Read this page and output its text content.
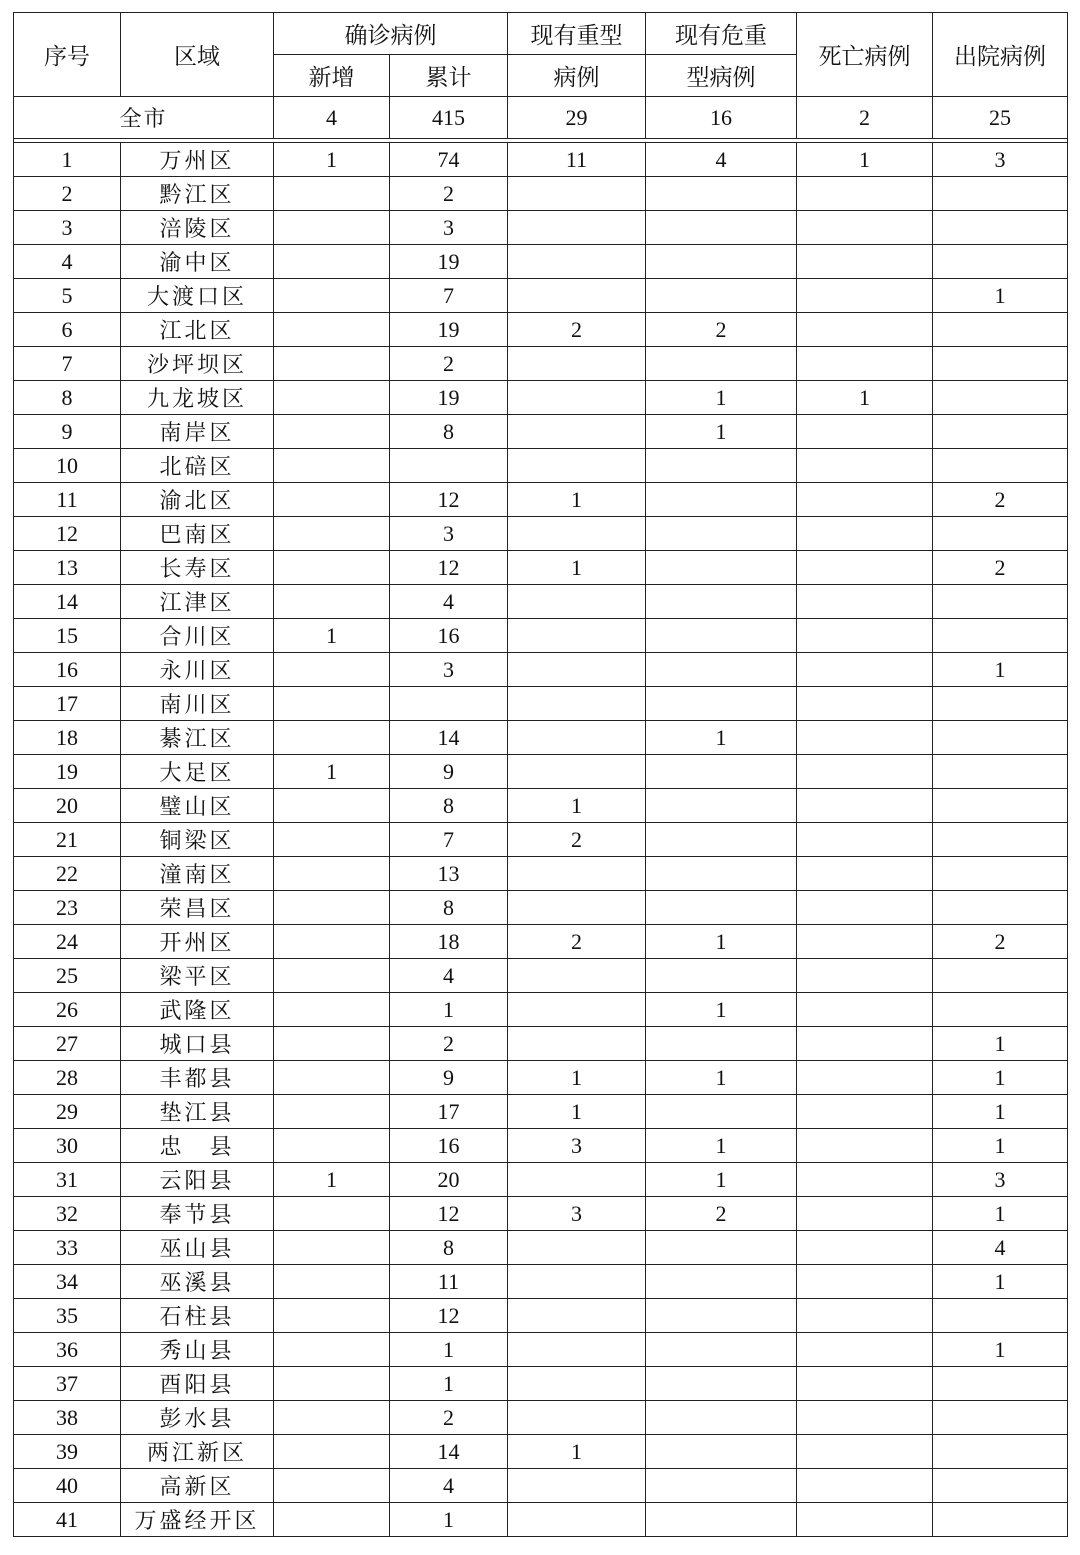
序号	区域	确诊病例		现有重型	现有危重	死亡病例	出院病例
		新增	累计	病例	型病例		
全市		4	415	29	16	2	25

1	万州区	1	74	11	4	1	3
2	黔江区		2				
3	涪陵区		3				
4	渝中区		19				
5	大渡口区		7				1
6	江北区		19	2	2		
7	沙坪坝区		2				
8	九龙坡区		19		1	1	
9	南岸区		8		1		
10	北碚区						
11	渝北区		12	1			2
12	巴南区		3				
13	长寿区		12	1			2
14	江津区		4				
15	合川区	1	16				
16	永川区		3				1
17	南川区						
18	綦江区		14		1		
19	大足区	1	9				
20	璧山区		8	1			
21	铜梁区		7	2			
22	潼南区		13				
23	荣昌区		8				
24	开州区		18	2	1		2
25	梁平区		4				
26	武隆区		1		1		
27	城口县		2				1
28	丰都县		9	1	1		1
29	垫江县		17	1			1
30	忠　县		16	3	1		1
31	云阳县	1	20		1		3
32	奉节县		12	3	2		1
33	巫山县		8				4
34	巫溪县		11				1
35	石柱县		12				
36	秀山县		1				1
37	酉阳县		1				
38	彭水县		2				
39	两江新区		14	1			
40	高新区		4				
41	万盛经开区		1				
